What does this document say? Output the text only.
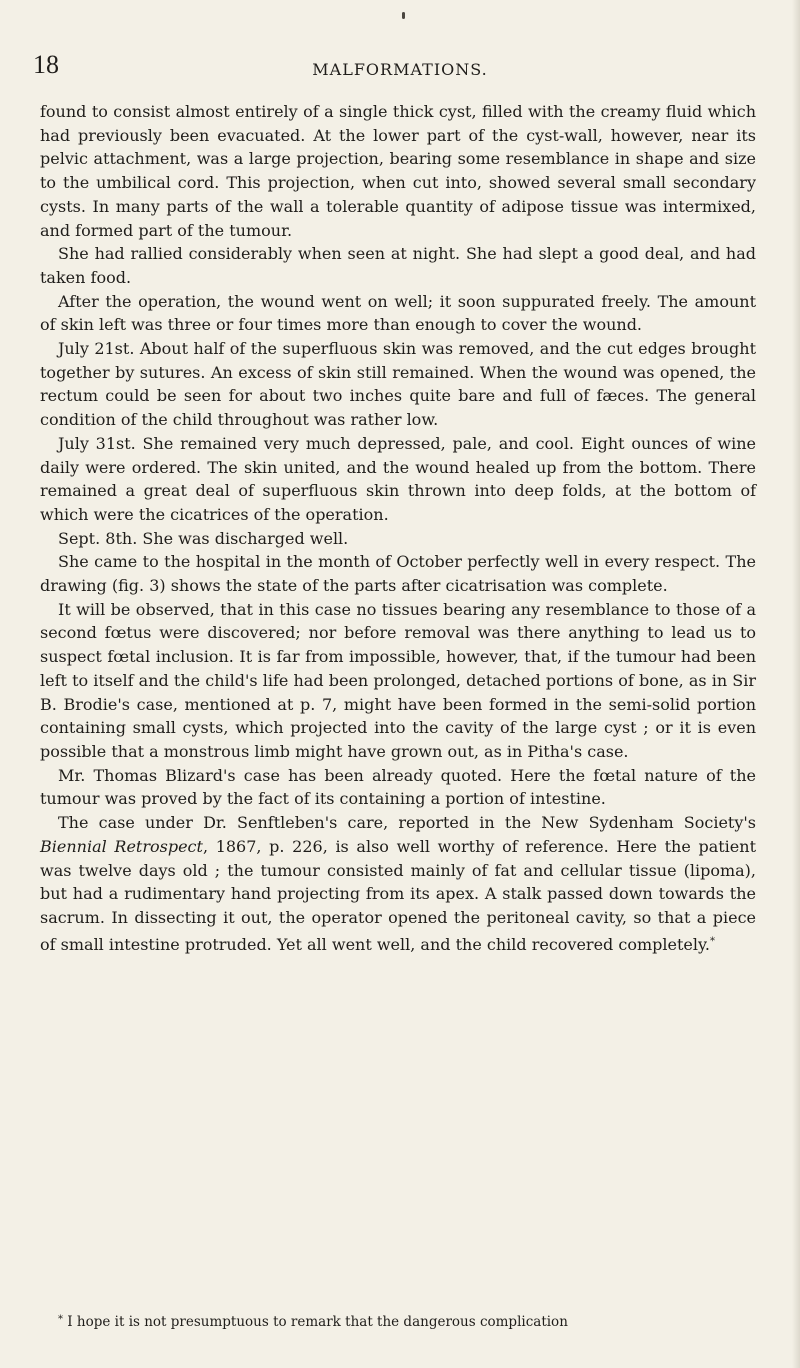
18	MALFORMATIONS.

found to consist almost entirely of a single thick cyst, filled with the creamy fluid which had previously been evacuated. At the lower part of the cyst-wall, however, near its pelvic attachment, was a large projection, bearing some resemblance in shape and size to the umbilical cord. This projection, when cut into, showed several small secondary cysts. In many parts of the wall a tolerable quantity of adipose tissue was intermixed, and formed part of the tumour.

She had rallied considerably when seen at night. She had slept a good deal, and had taken food.

After the operation, the wound went on well; it soon suppurated freely. The amount of skin left was three or four times more than enough to cover the wound.

July 21st. About half of the superfluous skin was removed, and the cut edges brought together by sutures. An excess of skin still remained. When the wound was opened, the rectum could be seen for about two inches quite bare and full of fæces. The general condition of the child throughout was rather low.

July 31st. She remained very much depressed, pale, and cool. Eight ounces of wine daily were ordered. The skin united, and the wound healed up from the bottom. There remained a great deal of superfluous skin thrown into deep folds, at the bottom of which were the cicatrices of the operation.

Sept. 8th. She was discharged well.

She came to the hospital in the month of October perfectly well in every respect. The drawing (fig. 3) shows the state of the parts after cicatrisation was complete.

It will be observed, that in this case no tissues bearing any resemblance to those of a second fœtus were discovered; nor before removal was there anything to lead us to suspect fœtal inclusion. It is far from impossible, however, that, if the tumour had been left to itself and the child's life had been prolonged, detached portions of bone, as in Sir B. Brodie's case, mentioned at p. 7, might have been formed in the semi-solid portion containing small cysts, which projected into the cavity of the large cyst ; or it is even possible that a monstrous limb might have grown out, as in Pitha's case.

Mr. Thomas Blizard's case has been already quoted. Here the fœtal nature of the tumour was proved by the fact of its containing a portion of intestine.

The case under Dr. Senftleben's care, reported in the New Sydenham Society's Biennial Retrospect, 1867, p. 226, is also well worthy of reference. Here the patient was twelve days old ; the tumour consisted mainly of fat and cellular tissue (lipoma), but had a rudimentary hand projecting from its apex. A stalk passed down towards the sacrum. In dissecting it out, the operator opened the peritoneal cavity, so that a piece of small intestine protruded. Yet all went well, and the child recovered completely.*

* I hope it is not presumptuous to remark that the dangerous complication
